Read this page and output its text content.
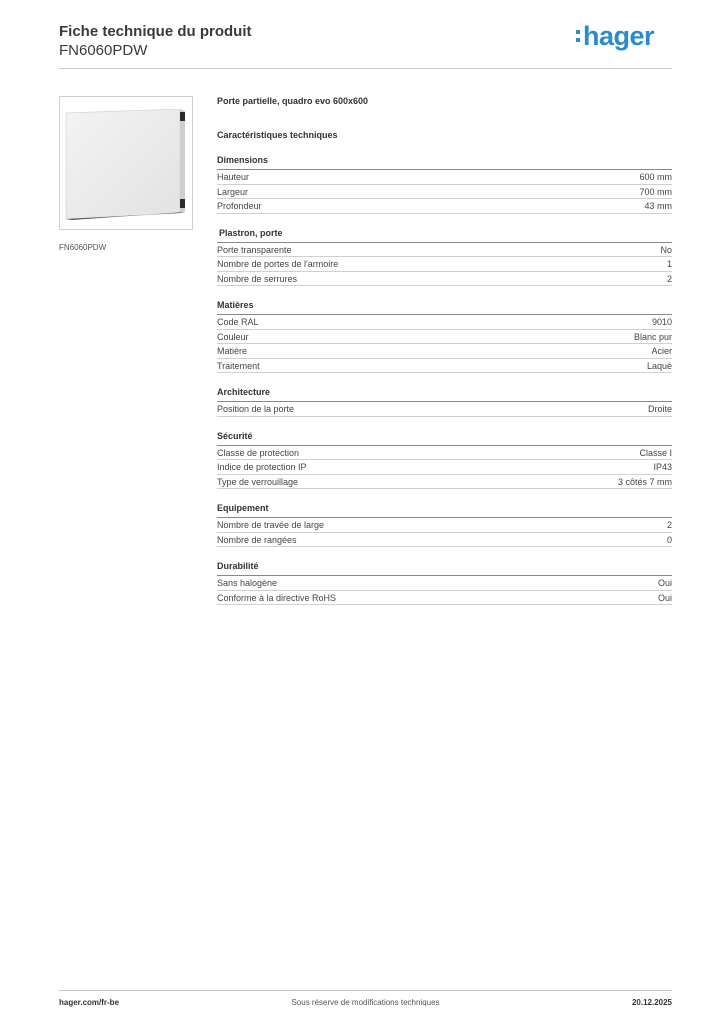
Fiche technique du produit
FN6060PDW	hager
FN6060PDW
Porte partielle, quadro evo 600x600
Caractéristiques techniques
Dimensions
Hauteur	600 mm
Largeur	700 mm
Profondeur	43 mm
Plastron, porte
Porte transparente	No
Nombre de portes de l'armoire	1
Nombre de serrures	2
Matières
Code RAL	9010
Couleur	Blanc pur
Matière	Acier
Traitement	Laqué
Architecture
Position de la porte	Droite
Sécurité
Classe de protection	Classe I
Indice de protection IP	IP43
Type de verrouillage	3 côtés 7 mm
Equipement
Nombre de travée de large	2
Nombre de rangées	0
Durabilité
Sans halogène	Oui
Conforme à la directive RoHS	Oui
hager.com/fr-be	Sous réserve de modifications techniques	20.12.2025
